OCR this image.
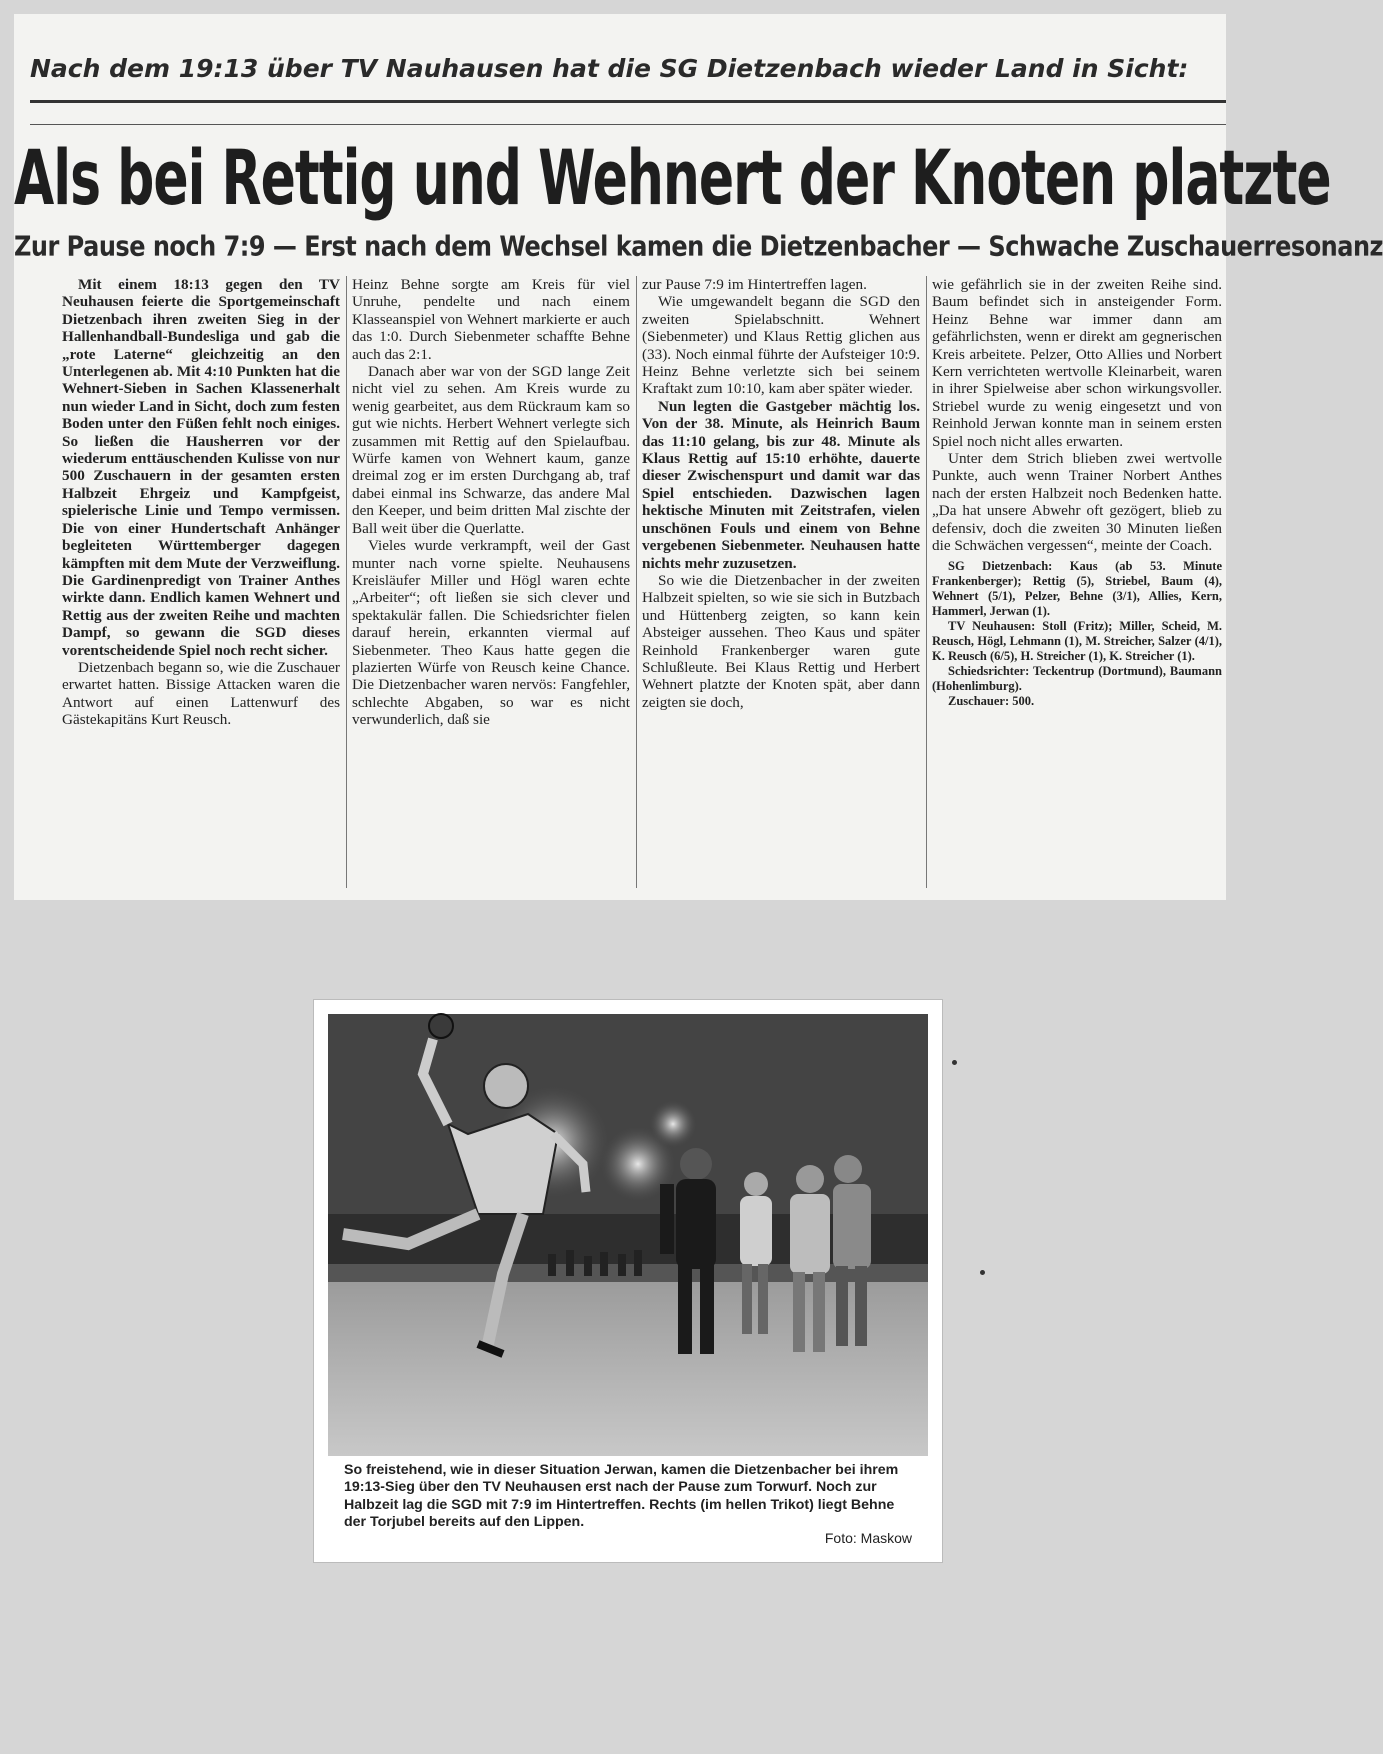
Nach dem 19:13 über TV Nauhausen hat die SG Dietzenbach wieder Land in Sicht:
Als bei Rettig und Wehnert der Knoten platzte
Zur Pause noch 7:9 — Erst nach dem Wechsel kamen die Dietzenbacher — Schwache Zuschauerresonanz

Mit einem 18:13 gegen den TV Neuhausen feierte die Sportgemeinschaft Dietzenbach ihren zweiten Sieg in der Hallenhandball-Bundesliga und gab die „rote Laterne“ gleichzeitig an den Unterlegenen ab. Mit 4:10 Punkten hat die Wehnert-Sieben in Sachen Klassenerhalt nun wieder Land in Sicht, doch zum festen Boden unter den Füßen fehlt noch einiges. So ließen die Hausherren vor der wiederum enttäuschenden Kulisse von nur 500 Zuschauern in der gesamten ersten Halbzeit Ehrgeiz und Kampfgeist, spielerische Linie und Tempo vermissen. Die von einer Hundertschaft Anhänger begleiteten Württemberger dagegen kämpften mit dem Mute der Verzweiflung. Die Gardinenpredigt von Trainer Anthes wirkte dann. Endlich kamen Wehnert und Rettig aus der zweiten Reihe und machten Dampf, so gewann die SGD dieses vorentscheidende Spiel noch recht sicher.

Dietzenbach begann so, wie die Zuschauer erwartet hatten. Bissige Attacken waren die Antwort auf einen Lattenwurf des Gästekapitäns Kurt Reusch.

Heinz Behne sorgte am Kreis für viel Unruhe, pendelte und nach einem Klasseanspiel von Wehnert markierte er auch das 1:0. Durch Siebenmeter schaffte Behne auch das 2:1.

Danach aber war von der SGD lange Zeit nicht viel zu sehen. Am Kreis wurde zu wenig gearbeitet, aus dem Rückraum kam so gut wie nichts. Herbert Wehnert verlegte sich zusammen mit Rettig auf den Spielaufbau. Würfe kamen von Wehnert kaum, ganze dreimal zog er im ersten Durchgang ab, traf dabei einmal ins Schwarze, das andere Mal den Keeper, und beim dritten Mal zischte der Ball weit über die Querlatte.

Vieles wurde verkrampft, weil der Gast munter nach vorne spielte. Neuhausens Kreisläufer Miller und Högl waren echte „Arbeiter“; oft ließen sie sich clever und spektakulär fallen. Die Schiedsrichter fielen darauf herein, erkannten viermal auf Siebenmeter. Theo Kaus hatte gegen die plazierten Würfe von Reusch keine Chance. Die Dietzenbacher waren nervös: Fangfehler, schlechte Abgaben, so war es nicht verwunderlich, daß sie

zur Pause 7:9 im Hintertreffen lagen.

Wie umgewandelt begann die SGD den zweiten Spielabschnitt. Wehnert (Siebenmeter) und Klaus Rettig glichen aus (33). Noch einmal führte der Aufsteiger 10:9. Heinz Behne verletzte sich bei seinem Kraftakt zum 10:10, kam aber später wieder.

Nun legten die Gastgeber mächtig los. Von der 38. Minute, als Heinrich Baum das 11:10 gelang, bis zur 48. Minute als Klaus Rettig auf 15:10 erhöhte, dauerte dieser Zwischenspurt und damit war das Spiel entschieden. Dazwischen lagen hektische Minuten mit Zeitstrafen, vielen unschönen Fouls und einem von Behne vergebenen Siebenmeter. Neuhausen hatte nichts mehr zuzusetzen.

So wie die Dietzenbacher in der zweiten Halbzeit spielten, so wie sie sich in Butzbach und Hüttenberg zeigten, so kann kein Absteiger aussehen. Theo Kaus und später Reinhold Frankenberger waren gute Schlußleute. Bei Klaus Rettig und Herbert Wehnert platzte der Knoten spät, aber dann zeigten sie doch,

wie gefährlich sie in der zweiten Reihe sind. Baum befindet sich in ansteigender Form. Heinz Behne war immer dann am gefährlichsten, wenn er direkt am gegnerischen Kreis arbeitete. Pelzer, Otto Allies und Norbert Kern verrichteten wertvolle Kleinarbeit, waren in ihrer Spielweise aber schon wirkungsvoller. Striebel wurde zu wenig eingesetzt und von Reinhold Jerwan konnte man in seinem ersten Spiel noch nicht alles erwarten.

Unter dem Strich blieben zwei wertvolle Punkte, auch wenn Trainer Norbert Anthes nach der ersten Halbzeit noch Bedenken hatte. „Da hat unsere Abwehr oft gezögert, blieb zu defensiv, doch die zweiten 30 Minuten ließen die Schwächen vergessen“, meinte der Coach.

SG Dietzenbach: Kaus (ab 53. Minute Frankenberger); Rettig (5), Striebel, Baum (4), Wehnert (5/1), Pelzer, Behne (3/1), Allies, Kern, Hammerl, Jerwan (1).

TV Neuhausen: Stoll (Fritz); Miller, Scheid, M. Reusch, Högl, Lehmann (1), M. Streicher, Salzer (4/1), K. Reusch (6/5), H. Streicher (1), K. Streicher (1).

Schiedsrichter: Teckentrup (Dortmund), Baumann (Hohenlimburg).

Zuschauer: 500.

So freistehend, wie in dieser Situation Jerwan, kamen die Dietzenbacher bei ihrem 19:13-Sieg über den TV Neuhausen erst nach der Pause zum Torwurf. Noch zur Halbzeit lag die SGD mit 7:9 im Hintertreffen. Rechts (im hellen Trikot) liegt Behne der Torjubel bereits auf den Lippen.
Foto: Maskow
